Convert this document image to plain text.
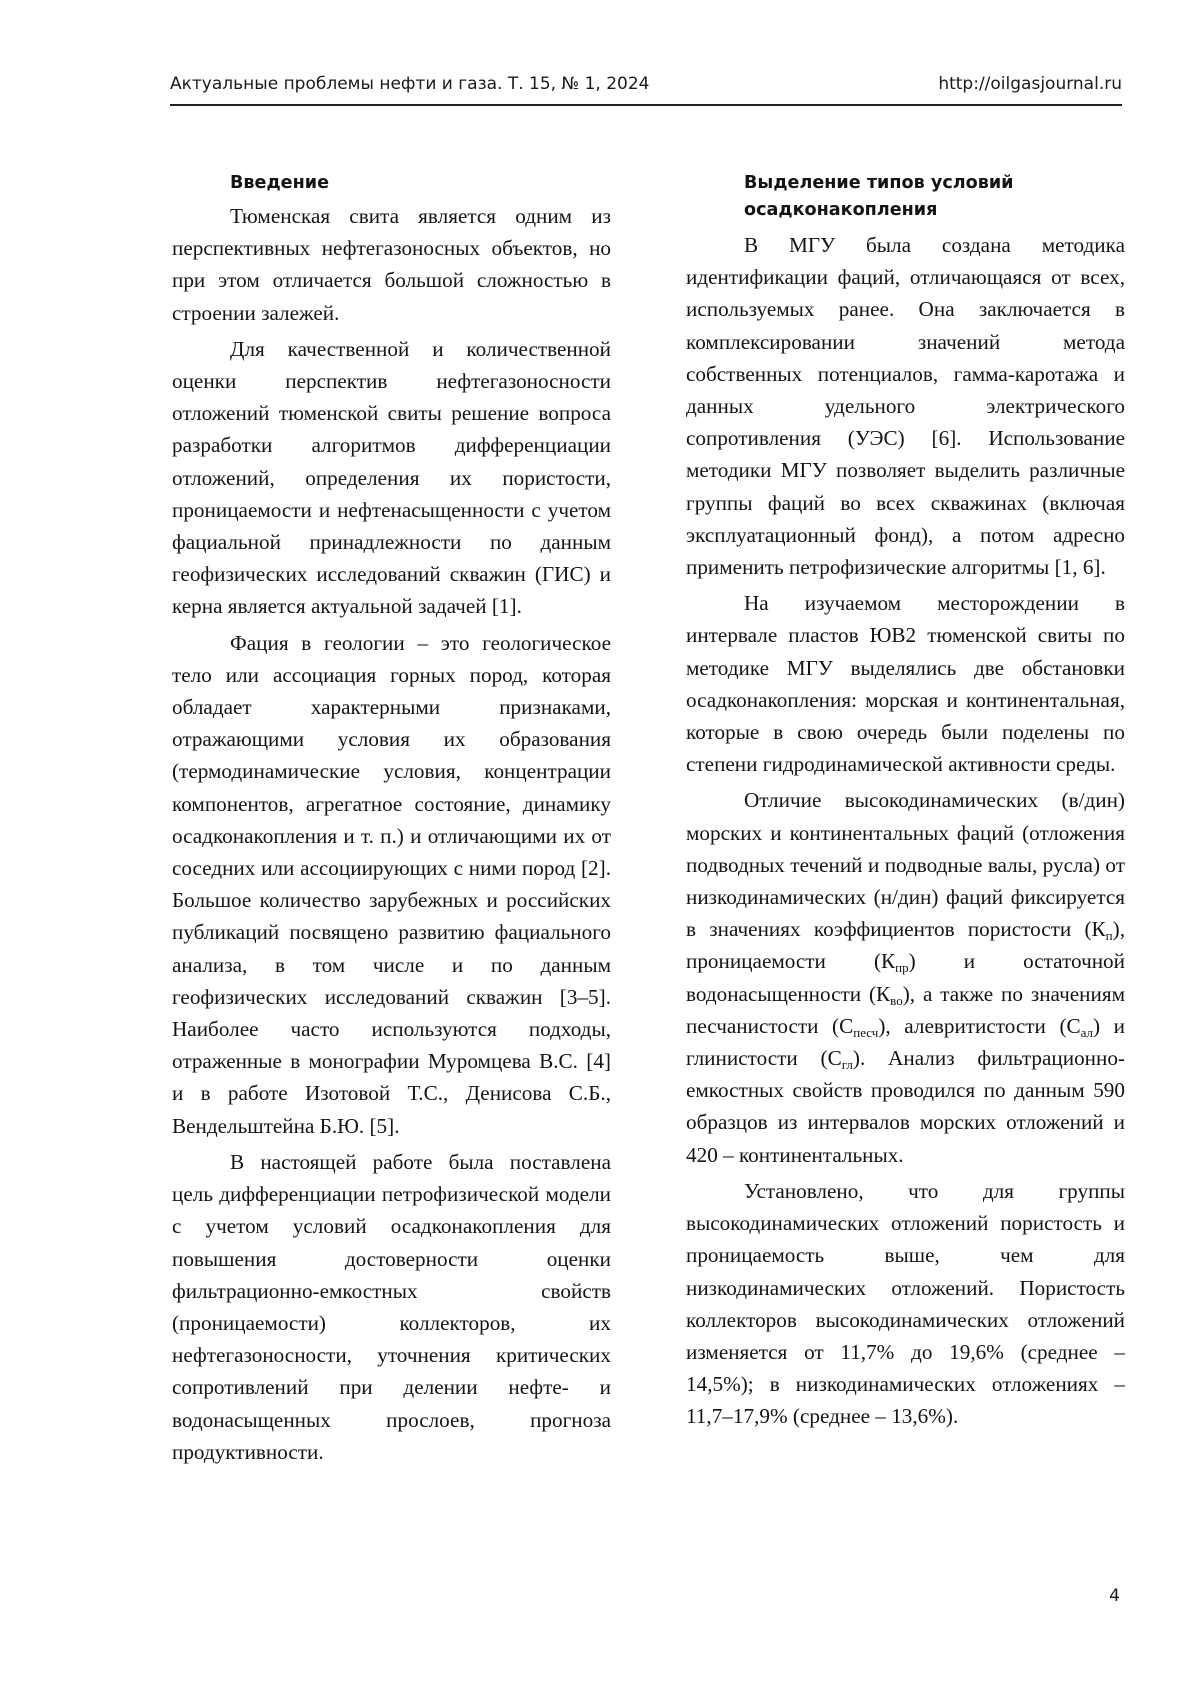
Актуальные проблемы нефти и газа. Т. 15, № 1, 2024	http://oilgasjournal.ru
Введение

Тюменская свита является одним из перспективных нефтегазоносных объектов, но при этом отличается большой сложностью в строении залежей.

Для качественной и количественной оценки перспектив нефтегазоносности отложений тюменской свиты решение вопроса разработки алгоритмов дифференциации отложений, определения их пористости, проницаемости и нефтенасыщенности с учетом фациальной принадлежности по данным геофизических исследований скважин (ГИС) и керна является актуальной задачей [1].

Фация в геологии – это геологическое тело или ассоциация горных пород, которая обладает характерными признаками, отражающими условия их образования (термодинамические условия, концентрации компонентов, агрегатное состояние, динамику осадконакопления и т. п.) и отличающими их от соседних или ассоциирующих с ними пород [2]. Большое количество зарубежных и российских публикаций посвящено развитию фациального анализа, в том числе и по данным геофизических исследований скважин [3–5]. Наиболее часто используются подходы, отраженные в монографии Муромцева В.С. [4] и в работе Изотовой Т.С., Денисова С.Б., Вендельштейна Б.Ю. [5].

В настоящей работе была поставлена цель дифференциации петрофизической модели с учетом условий осадконакопления для повышения достоверности оценки фильтрационно-емкостных свойств (проницаемости) коллекторов, их нефтегазоносности, уточнения критических сопротивлений при делении нефте- и водонасыщенных прослоев, прогноза продуктивности.

Выделение типов условий осадконакопления

В МГУ была создана методика идентификации фаций, отличающаяся от всех, используемых ранее. Она заключается в комплексировании значений метода собственных потенциалов, гамма-каротажа и данных удельного электрического сопротивления (УЭС) [6]. Использование методики МГУ позволяет выделить различные группы фаций во всех скважинах (включая эксплуатационный фонд), а потом адресно применить петрофизические алгоритмы [1, 6].

На изучаемом месторождении в интервале пластов ЮВ2 тюменской свиты по методике МГУ выделялись две обстановки осадконакопления: морская и континентальная, которые в свою очередь были поделены по степени гидродинамической активности среды.

Отличие высокодинамических (в/дин) морских и континентальных фаций (отложения подводных течений и подводные валы, русла) от низкодинамических (н/дин) фаций фиксируется в значениях коэффициентов пористости $(К_п)$, проницаемости $(К_{пр})$ и остаточной водонасыщенности $(К_{во})$, а также по значениям песчанистости $(С_{песч})$, алевритистости $(С_{ал})$ и глинистости $(С_{гл})$. Анализ фильтрационно-емкостных свойств проводился по данным 590 образцов из интервалов морских отложений и 420 – континентальных.

Установлено, что для группы высокодинамических отложений пористость и проницаемость выше, чем для низкодинамических отложений. Пористость коллекторов высокодинамических отложений изменяется от 11,7% до 19,6% (среднее – 14,5%); в низкодинамических отложениях – 11,7–17,9% (среднее – 13,6%).

4
